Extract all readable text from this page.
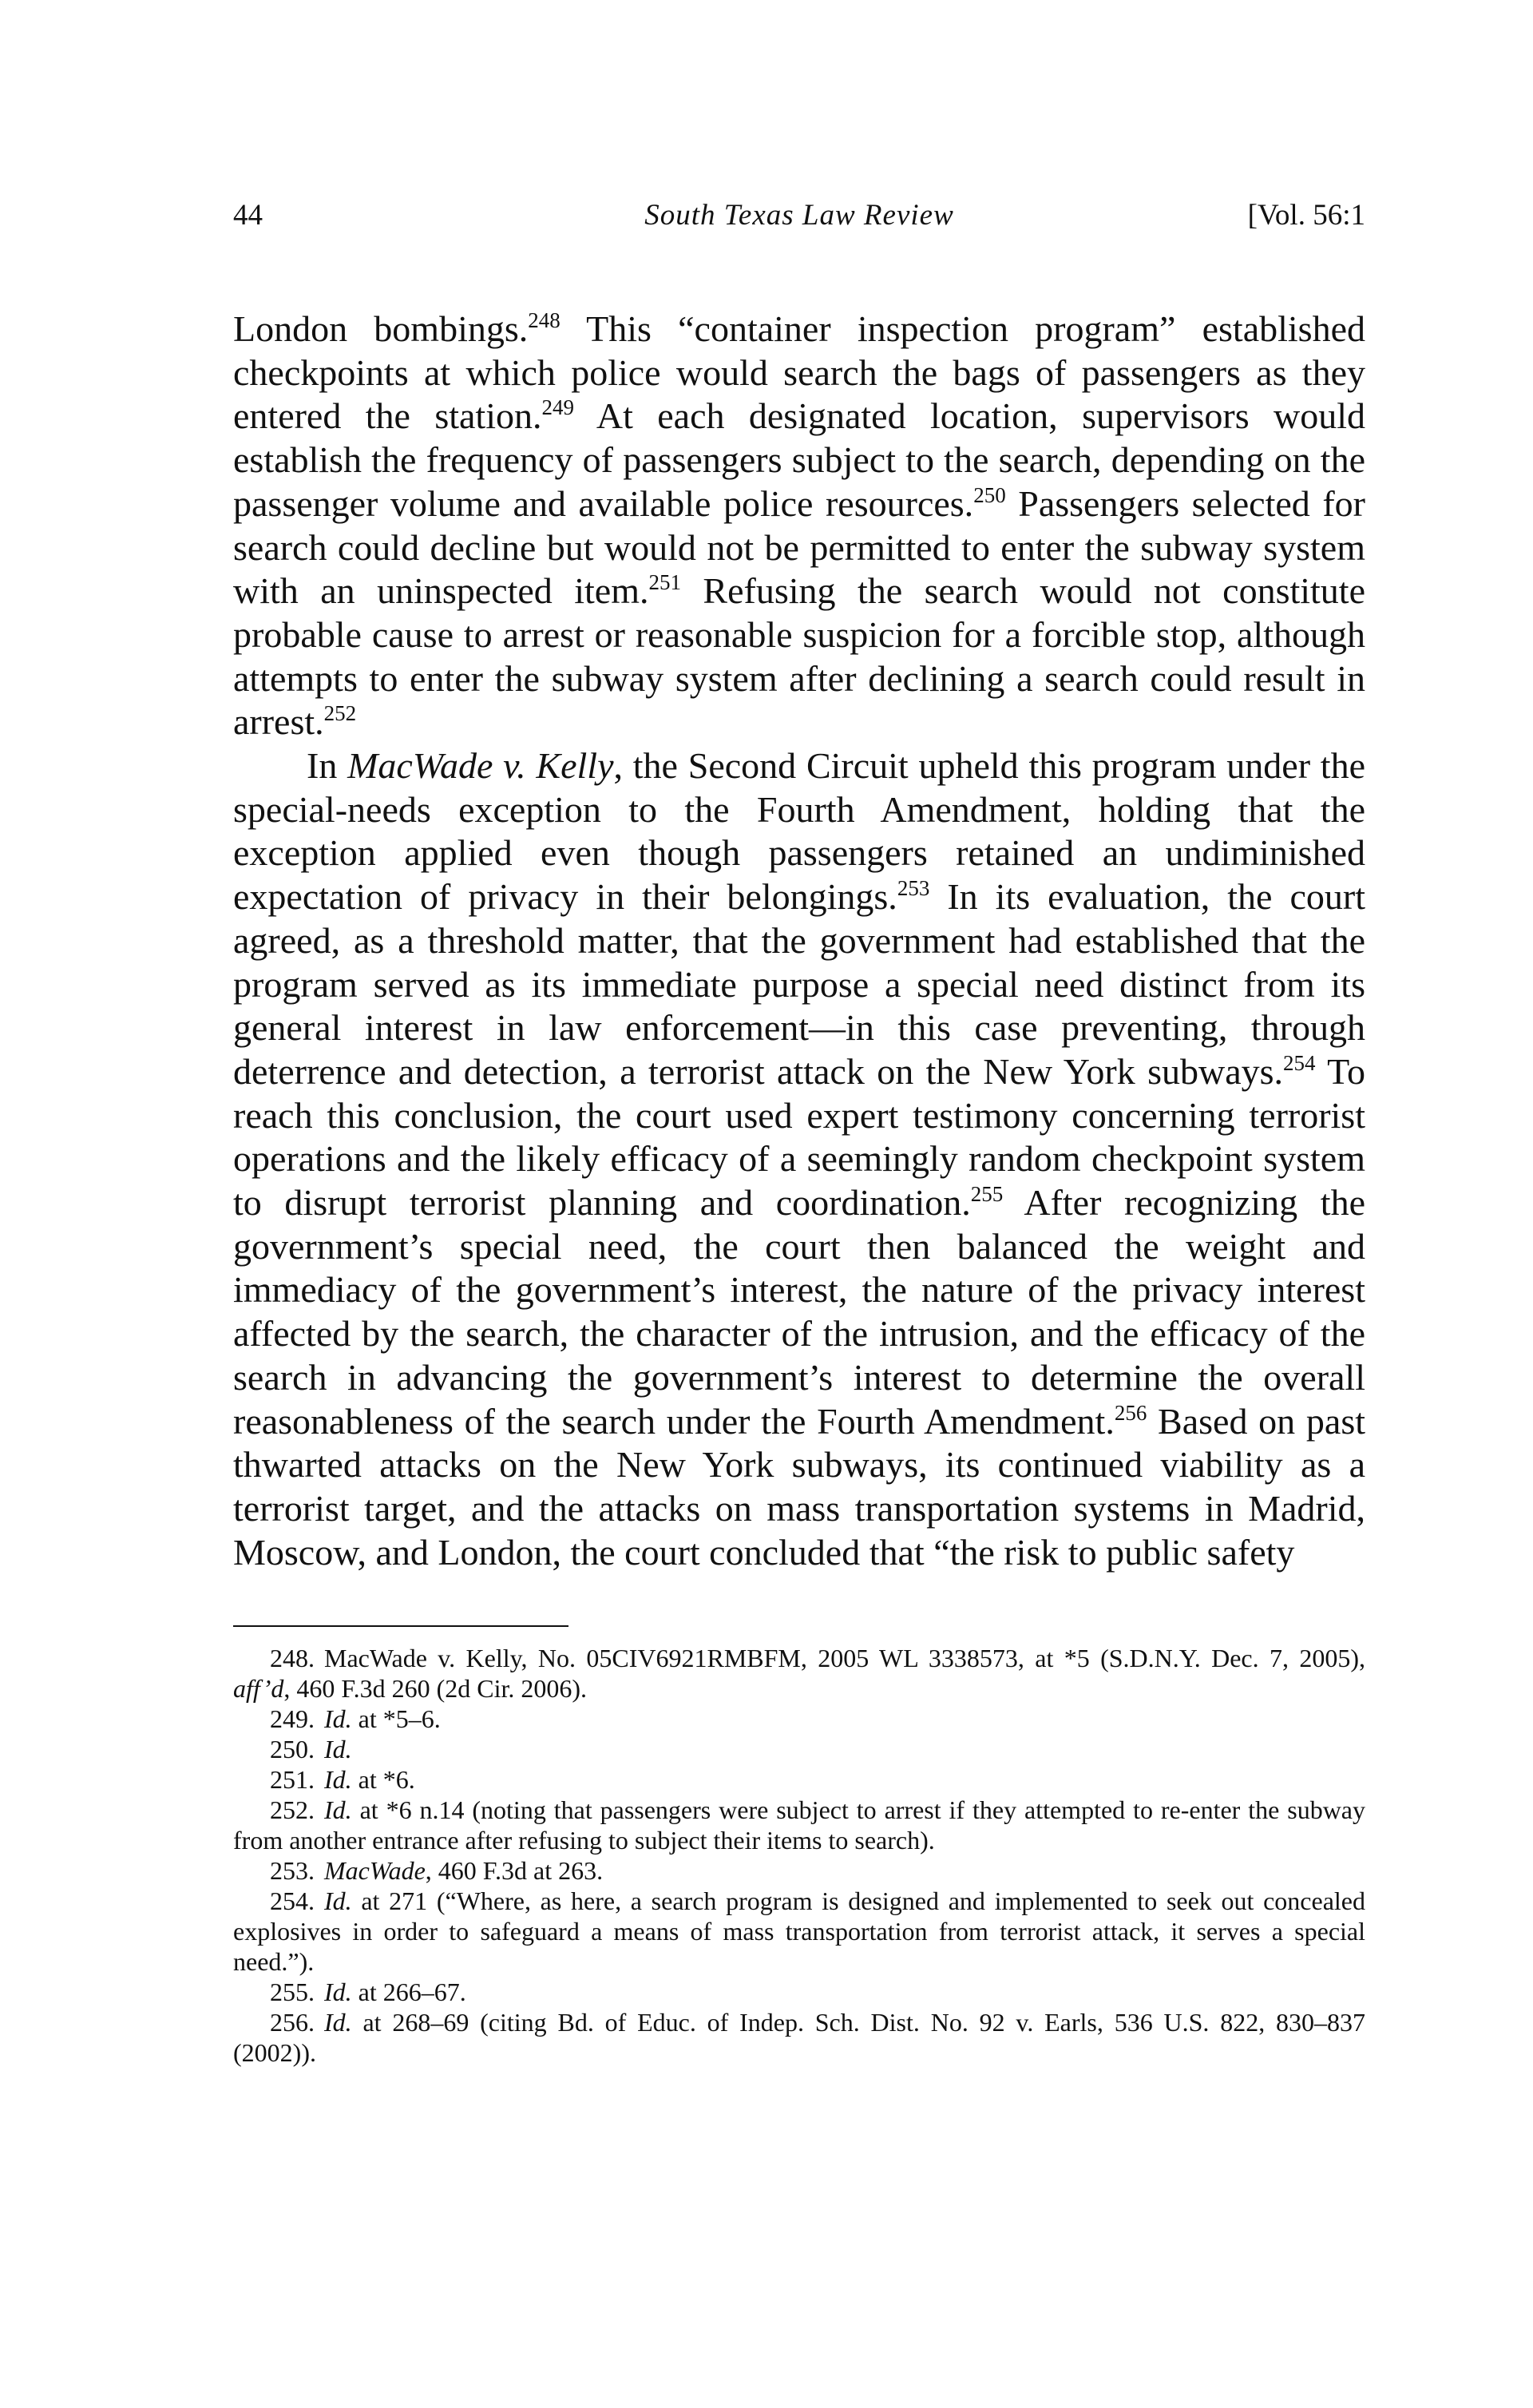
44	South Texas Law Review	[Vol. 56:1

London bombings.$^{248}$ This “container inspection program” established checkpoints at which police would search the bags of passengers as they entered the station.$^{249}$ At each designated location, supervisors would establish the frequency of passengers subject to the search, depending on the passenger volume and available police resources.$^{250}$ Passengers selected for search could decline but would not be permitted to enter the subway system with an uninspected item.$^{251}$ Refusing the search would not constitute probable cause to arrest or reasonable suspicion for a forcible stop, although attempts to enter the subway system after declining a search could result in arrest.$^{252}$

In MacWade v. Kelly, the Second Circuit upheld this program under the special-needs exception to the Fourth Amendment, holding that the exception applied even though passengers retained an undiminished expectation of privacy in their belongings.$^{253}$ In its evaluation, the court agreed, as a threshold matter, that the government had established that the program served as its immediate purpose a special need distinct from its general interest in law enforcement—in this case preventing, through deterrence and detection, a terrorist attack on the New York subways.$^{254}$ To reach this conclusion, the court used expert testimony concerning terrorist operations and the likely efficacy of a seemingly random checkpoint system to disrupt terrorist planning and coordination.$^{255}$ After recognizing the government’s special need, the court then balanced the weight and immediacy of the government’s interest, the nature of the privacy interest affected by the search, the character of the intrusion, and the efficacy of the search in advancing the government’s interest to determine the overall reasonableness of the search under the Fourth Amendment.$^{256}$ Based on past thwarted attacks on the New York subways, its continued viability as a terrorist target, and the attacks on mass transportation systems in Madrid, Moscow, and London, the court concluded that “the risk to public safety

248. MacWade v. Kelly, No. 05CIV6921RMBFM, 2005 WL 3338573, at *5 (S.D.N.Y. Dec. 7, 2005), aff’d, 460 F.3d 260 (2d Cir. 2006).

249. Id. at *5–6.

250. Id.

251. Id. at *6.

252. Id. at *6 n.14 (noting that passengers were subject to arrest if they attempted to re-enter the subway from another entrance after refusing to subject their items to search).

253. MacWade, 460 F.3d at 263.

254. Id. at 271 (“Where, as here, a search program is designed and implemented to seek out concealed explosives in order to safeguard a means of mass transportation from terrorist attack, it serves a special need.”).

255. Id. at 266–67.

256. Id. at 268–69 (citing Bd. of Educ. of Indep. Sch. Dist. No. 92 v. Earls, 536 U.S. 822, 830–837 (2002)).
